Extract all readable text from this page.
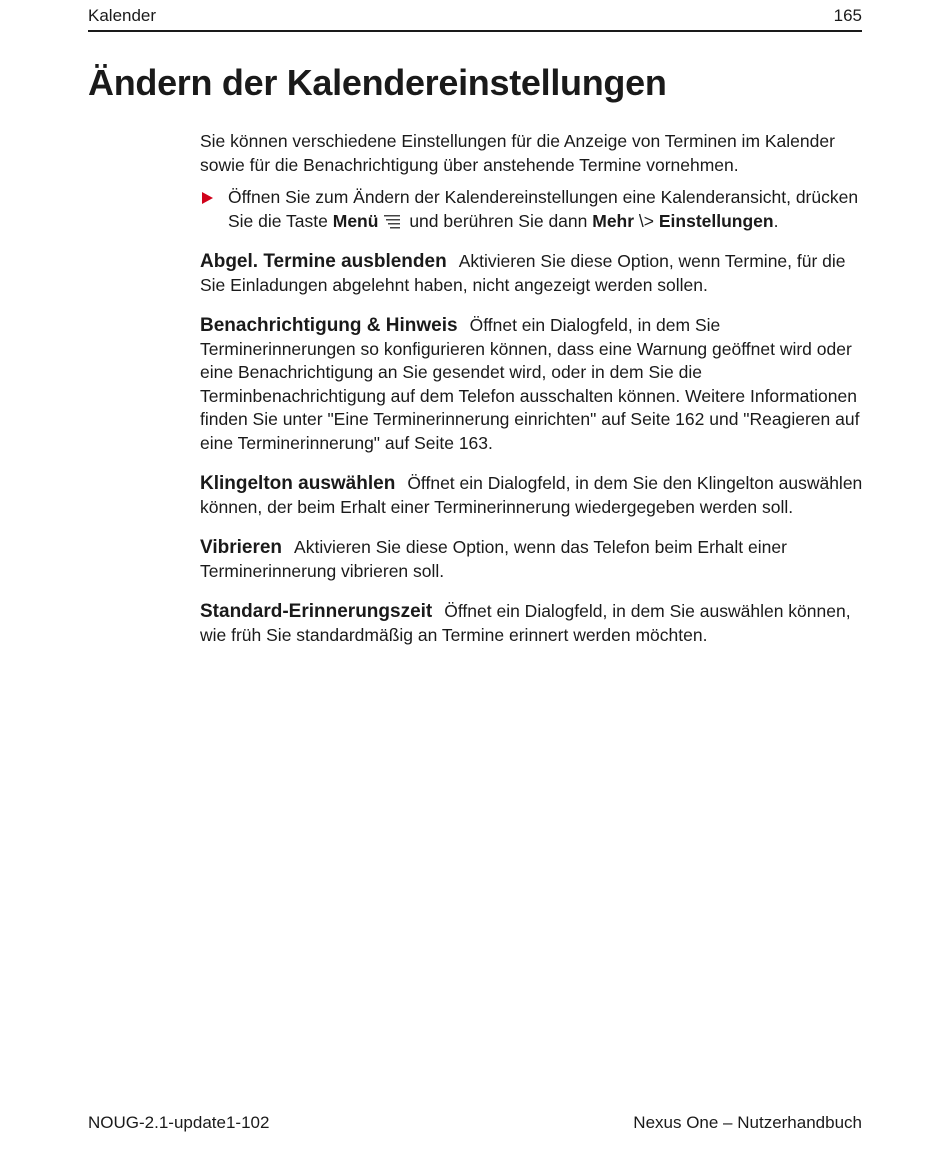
Kalender	165
Ändern der Kalendereinstellungen

Sie können verschiedene Einstellungen für die Anzeige von Terminen im Kalender sowie für die Benachrichtigung über anstehende Termine vornehmen.

Öffnen Sie zum Ändern der Kalendereinstellungen eine Kalenderansicht, drücken Sie die Taste Menü und berühren Sie dann Mehr \> Einstellungen.

Abgel. Termine ausblenden Aktivieren Sie diese Option, wenn Termine, für die Sie Einladungen abgelehnt haben, nicht angezeigt werden sollen.

Benachrichtigung & Hinweis Öffnet ein Dialogfeld, in dem Sie Terminerinnerungen so konfigurieren können, dass eine Warnung geöffnet wird oder eine Benachrichtigung an Sie gesendet wird, oder in dem Sie die Terminbenachrichtigung auf dem Telefon ausschalten können. Weitere Informationen finden Sie unter "Eine Terminerinnerung einrichten" auf Seite 162 und "Reagieren auf eine Terminerinnerung" auf Seite 163.

Klingelton auswählen Öffnet ein Dialogfeld, in dem Sie den Klingelton auswählen können, der beim Erhalt einer Terminerinnerung wiedergegeben werden soll.

Vibrieren Aktivieren Sie diese Option, wenn das Telefon beim Erhalt einer Terminerinnerung vibrieren soll.

Standard-Erinnerungszeit Öffnet ein Dialogfeld, in dem Sie auswählen können, wie früh Sie standardmäßig an Termine erinnert werden möchten.

NOUG-2.1-update1-102	Nexus One – Nutzerhandbuch
